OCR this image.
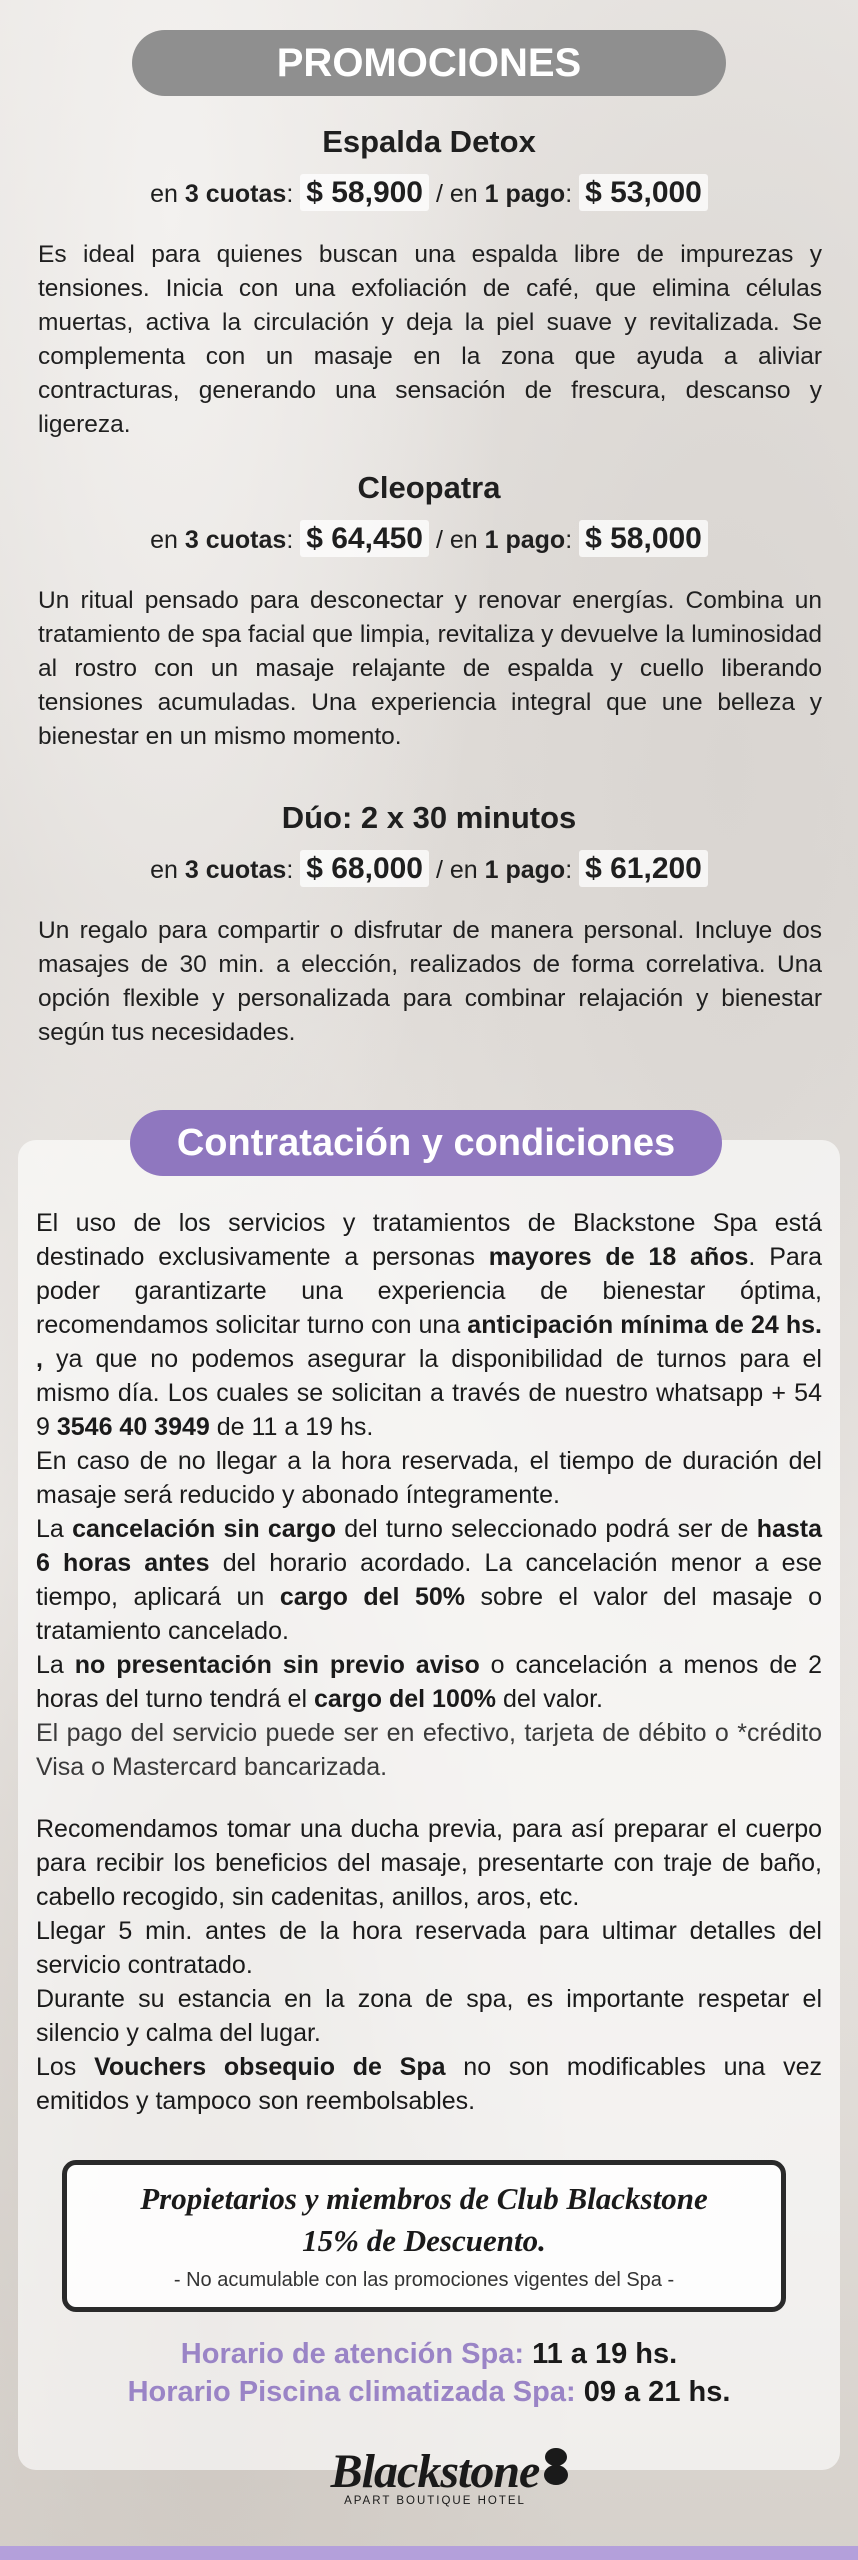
PROMOCIONES
Espalda Detox
en 3 cuotas: $ 58,900 / en 1 pago: $ 53,000
Es ideal para quienes buscan una espalda libre de impurezas y tensiones. Inicia con una exfoliación de café, que elimina células muertas, activa la circulación y deja la piel suave y revitalizada. Se complementa con un masaje en la zona que ayuda a aliviar contracturas, generando una sensación de frescura, descanso y ligereza.
Cleopatra
en 3 cuotas: $ 64,450 / en 1 pago: $ 58,000
Un ritual pensado para desconectar y renovar energías. Combina un tratamiento de spa facial que limpia, revitaliza y devuelve la luminosidad al rostro con un masaje relajante de espalda y cuello liberando tensiones acumuladas. Una experiencia integral que une belleza y bienestar en un mismo momento.
Dúo: 2 x 30 minutos
en 3 cuotas: $ 68,000 / en 1 pago: $ 61,200
Un regalo para compartir o disfrutar de manera personal. Incluye dos masajes de 30 min. a elección, realizados de forma correlativa. Una opción flexible y personalizada para combinar relajación y bienestar según tus necesidades.
Contratación y condiciones

El uso de los servicios y tratamientos de Blackstone Spa está destinado exclusivamente a personas mayores de 18 años. Para poder garantizarte una experiencia de bienestar óptima, recomendamos solicitar turno con una anticipación mínima de 24 hs. , ya que no podemos asegurar la disponibilidad de turnos para el mismo día. Los cuales se solicitan a través de nuestro whatsapp + 54 9 3546 40 3949 de 11 a 19 hs.

En caso de no llegar a la hora reservada, el tiempo de duración del masaje será reducido y abonado íntegramente.

La cancelación sin cargo del turno seleccionado podrá ser de hasta 6 horas antes del horario acordado. La cancelación menor a ese tiempo, aplicará un cargo del 50% sobre el valor del masaje o tratamiento cancelado.

La no presentación sin previo aviso o cancelación a menos de 2 horas del turno tendrá el cargo del 100% del valor.

El pago del servicio puede ser en efectivo, tarjeta de débito o *crédito Visa o Mastercard bancarizada.

Recomendamos tomar una ducha previa, para así preparar el cuerpo para recibir los beneficios del masaje, presentarte con traje de baño, cabello recogido, sin cadenitas, anillos, aros, etc.

Llegar 5 min. antes de la hora reservada para ultimar detalles del servicio contratado.

Durante su estancia en la zona de spa, es importante respetar el silencio y calma del lugar.

Los Vouchers obsequio de Spa no son modificables una vez emitidos y tampoco son reembolsables.

Propietarios y miembros de Club Blackstone
15% de Descuento.
- No acumulable con las promociones vigentes del Spa -
Horario de atención Spa: 11 a 19 hs.
Horario Piscina climatizada Spa: 09 a 21 hs.
Blackstone
APART BOUTIQUE HOTEL
